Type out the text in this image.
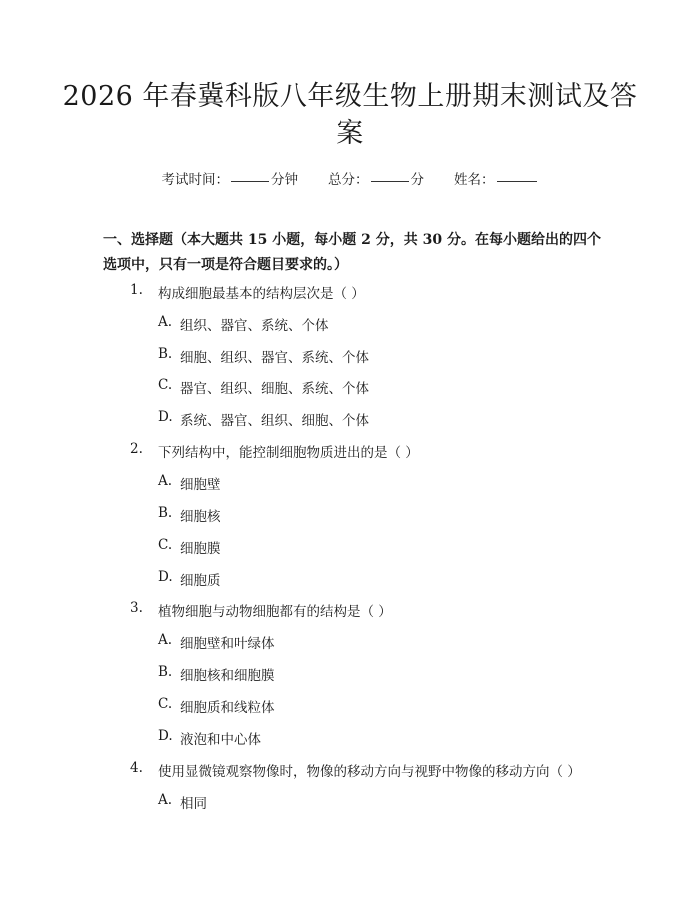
2026 年春冀科版八年级生物上册期末测试及答案
考试时间：	分钟 总分：	分 姓名：
一、选择题（本大题共 15 小题，每小题 2 分，共 30 分。在每小题给出的四个选项中，只有一项是符合题目要求的。）
1.	构成细胞最基本的结构层次是（ ）
A. 组织、器官、系统、个体
B. 细胞、组织、器官、系统、个体
C. 器官、组织、细胞、系统、个体
D. 系统、器官、组织、细胞、个体
2.	下列结构中，能控制细胞物质进出的是（ ）
A. 细胞壁
B. 细胞核
C. 细胞膜
D. 细胞质
3.	植物细胞与动物细胞都有的结构是（ ）
A. 细胞壁和叶绿体
B. 细胞核和细胞膜
C. 细胞质和线粒体
D. 液泡和中心体
4.	使用显微镜观察物像时，物像的移动方向与视野中物像的移动方向（ ）
A. 相同
